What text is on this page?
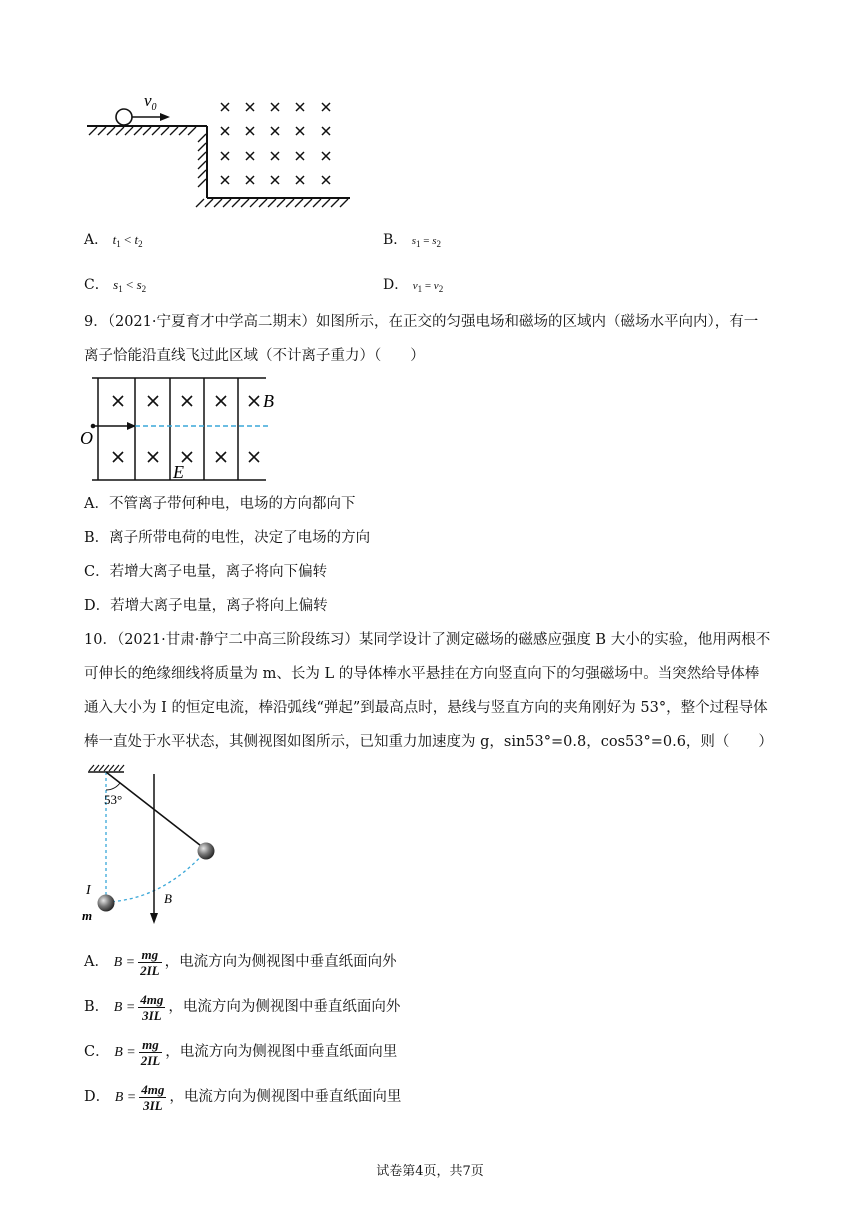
$v_0$
A． $t_1 < t_2$	B． $s_1 = s_2$
C． $s_1 < s_2$	D． $v_1 = v_2$
9．（2021·宁夏育才中学高二期末）如图所示，在正交的匀强电场和磁场的区域内（磁场水平向内），有一
离子恰能沿直线飞过此区域（不计离子重力）（　　）
B
O
E
A．不管离子带何种电，电场的方向都向下
B．离子所带电荷的电性，决定了电场的方向
C．若增大离子电量，离子将向下偏转
D．若增大离子电量，离子将向上偏转
10．（2021·甘肃·静宁二中高三阶段练习）某同学设计了测定磁场的磁感应强度 B 大小的实验，他用两根不
可伸长的绝缘细线将质量为 m、长为 L 的导体棒水平悬挂在方向竖直向下的匀强磁场中。当突然给导体棒
通入大小为 I 的恒定电流，棒沿弧线“弹起”到最高点时，悬线与竖直方向的夹角刚好为 53°，整个过程导体
棒一直处于水平状态，其侧视图如图所示，已知重力加速度为 g，sin53°=0.8，cos53°=0.6，则（　　）
53°
B
I
m
A． $B = \frac{mg}{2IL}$ ，电流方向为侧视图中垂直纸面向外
B． $B = \frac{4mg}{3IL}$ ，电流方向为侧视图中垂直纸面向外
C． $B = \frac{mg}{2IL}$ ，电流方向为侧视图中垂直纸面向里
D． $B = \frac{4mg}{3IL}$ ，电流方向为侧视图中垂直纸面向里
试卷第4页，共7页
